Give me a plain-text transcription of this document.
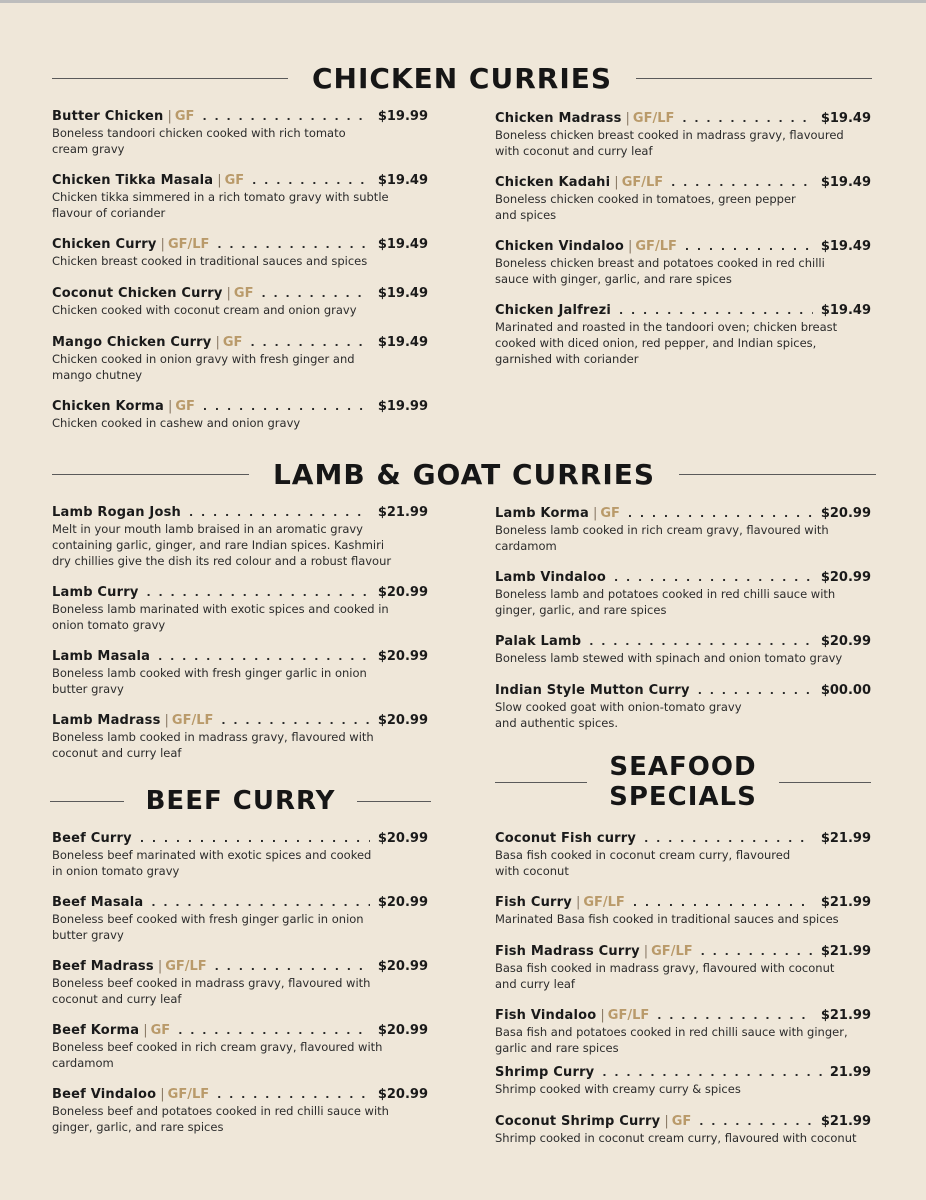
CHICKEN CURRIES
Butter Chicken | GF . . .	$19.99
Boneless tandoori chicken cooked with rich tomato
cream gravy
Chicken Tikka Masala | GF . . .	$19.49
Chicken tikka simmered in a rich tomato gravy with subtle
flavour of coriander
Chicken Curry | GF/LF . . .	$19.49
Chicken breast cooked in traditional sauces and spices
Coconut Chicken Curry | GF . . .	$19.49
Chicken cooked with coconut cream and onion gravy
Mango Chicken Curry | GF . . .	$19.49
Chicken cooked in onion gravy with fresh ginger and
mango chutney
Chicken Korma | GF . . .	$19.99
Chicken cooked in cashew and onion gravy
Chicken Madrass | GF/LF . . .	$19.49
Boneless chicken breast cooked in madrass gravy, flavoured
with coconut and curry leaf
Chicken Kadahi | GF/LF . . .	$19.49
Boneless chicken cooked in tomatoes, green pepper
and spices
Chicken Vindaloo | GF/LF . . .	$19.49
Boneless chicken breast and potatoes cooked in red chilli
sauce with ginger, garlic, and rare spices
Chicken Jalfrezi . . .	$19.49
Marinated and roasted in the tandoori oven; chicken breast
cooked with diced onion, red pepper, and Indian spices,
garnished with coriander
LAMB & GOAT CURRIES
Lamb Rogan Josh . . .	$21.99
Melt in your mouth lamb braised in an aromatic gravy
containing garlic, ginger, and rare Indian spices. Kashmiri
dry chillies give the dish its red colour and a robust flavour
Lamb Curry . . .	$20.99
Boneless lamb marinated with exotic spices and cooked in
onion tomato gravy
Lamb Masala . . .	$20.99
Boneless lamb cooked with fresh ginger garlic in onion
butter gravy
Lamb Madrass | GF/LF . . .	$20.99
Boneless lamb cooked in madrass gravy, flavoured with
coconut and curry leaf
Lamb Korma | GF . . .	$20.99
Boneless lamb cooked in rich cream gravy, flavoured with
cardamom
Lamb Vindaloo . . .	$20.99
Boneless lamb and potatoes cooked in red chilli sauce with
ginger, garlic, and rare spices
Palak Lamb . . .	$20.99
Boneless lamb stewed with spinach and onion tomato gravy
Indian Style Mutton Curry . . .	$00.00
Slow cooked goat with onion-tomato gravy
and authentic spices.
BEEF CURRY
Beef Curry . . .	$20.99
Boneless beef marinated with exotic spices and cooked
in onion tomato gravy
Beef Masala . . .	$20.99
Boneless beef cooked with fresh ginger garlic in onion
butter gravy
Beef Madrass | GF/LF . . .	$20.99
Boneless beef cooked in madrass gravy, flavoured with
coconut and curry leaf
Beef Korma | GF . . .	$20.99
Boneless beef cooked in rich cream gravy, flavoured with
cardamom
Beef Vindaloo | GF/LF . . .	$20.99
Boneless beef and potatoes cooked in red chilli sauce with
ginger, garlic, and rare spices
SEAFOOD
SPECIALS
Coconut Fish curry . . .	$21.99
Basa fish cooked in coconut cream curry, flavoured
with coconut
Fish Curry | GF/LF . . .	$21.99
Marinated Basa fish cooked in traditional sauces and spices
Fish Madrass Curry | GF/LF . . .	$21.99
Basa fish cooked in madrass gravy, flavoured with coconut
and curry leaf
Fish Vindaloo | GF/LF . . .	$21.99
Basa fish and potatoes cooked in red chilli sauce with ginger,
garlic and rare spices
Shrimp Curry . . .	21.99
Shrimp cooked with creamy curry & spices
Coconut Shrimp Curry | GF . . .	$21.99
Shrimp cooked in coconut cream curry, flavoured with coconut
